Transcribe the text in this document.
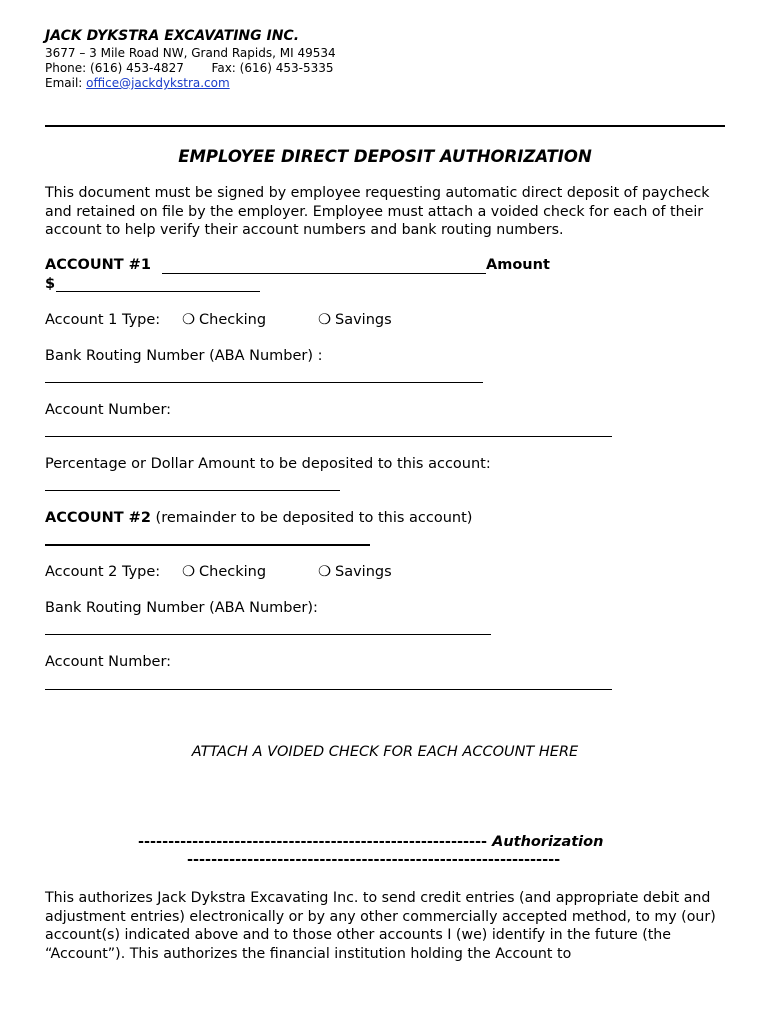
JACK DYKSTRA EXCAVATING INC.
3677 – 3 Mile Road NW, Grand Rapids, MI 49534
Phone: (616) 453-4827 Fax: (616) 453-5335
Email: office@jackdykstra.com
EMPLOYEE DIRECT DEPOSIT AUTHORIZATION
This document must be signed by employee requesting automatic direct deposit of paycheck and retained on file by the employer. Employee must attach a voided check for each of their account to help verify their account numbers and bank routing numbers.
ACCOUNT #1	Amount
$
Account 1 Type: ❍ Checking	❍ Savings
Bank Routing Number (ABA Number) :
Account Number:
Percentage or Dollar Amount to be deposited to this account:
ACCOUNT #2 (remainder to be deposited to this account)
Account 2 Type: ❍ Checking	❍ Savings
Bank Routing Number (ABA Number):
Account Number:
ATTACH A VOIDED CHECK FOR EACH ACCOUNT HERE
---------------------------------------------------------- Authorization
--------------------------------------------------------------
This authorizes Jack Dykstra Excavating Inc. to send credit entries (and appropriate debit and adjustment entries) electronically or by any other commercially accepted method, to my (our) account(s) indicated above and to those other accounts I (we) identify in the future (the “Account”). This authorizes the financial institution holding the Account to
